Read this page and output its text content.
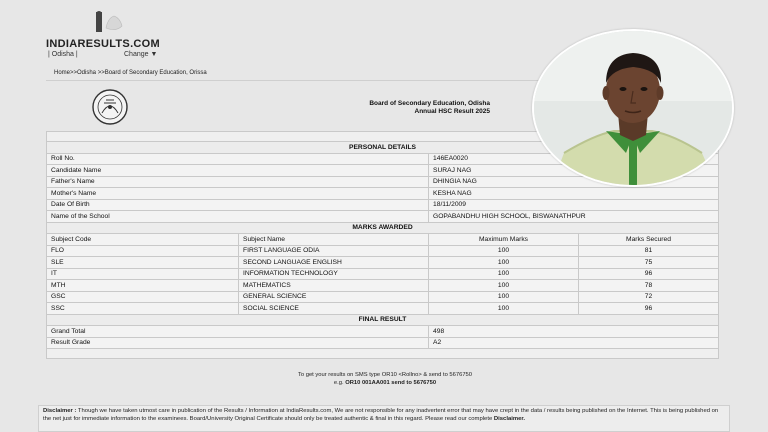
INDIARESULTS.COM
| Odisha |	Change ▼
Home>>Odisha >>Board of Secondary Education, Orissa
Board of Secondary Education, Odisha
Annual HSC Result 2025

PERSONAL DETAILS			
Roll No.		146EA0020	
Candidate Name		SURAJ NAG	
Father's Name		DHINGIA NAG	
Mother's Name		KESHA NAG	
Date Of Birth		18/11/2009	
Name of the School		GOPABANDHU HIGH SCHOOL, BISWANATHPUR	
MARKS AWARDED			
Subject Code	Subject Name	Maximum Marks	Marks Secured
FLO	FIRST LANGUAGE ODIA	100	81
SLE	SECOND LANGUAGE ENGLISH	100	75
IT	INFORMATION TECHNOLOGY	100	96
MTH	MATHEMATICS	100	78
GSC	GENERAL SCIENCE	100	72
SSC	SOCIAL SCIENCE	100	96
FINAL RESULT			
Grand Total		498	
Result Grade		A2	

To get your results on SMS type OR10 <Rollno> & send to 5676750
e.g. OR10 001AA001 send to 5676750
Disclaimer : Though we have taken utmost care in publication of the Results / Information at IndiaResults.com, We are not responsible for any inadvertent error that may have crept in the data / results being published on the Internet. This is being published on the net just for immediate information to the examinees. Board/University Original Certificate should only be treated authentic & final in this regard. Please read our complete Disclaimer.
